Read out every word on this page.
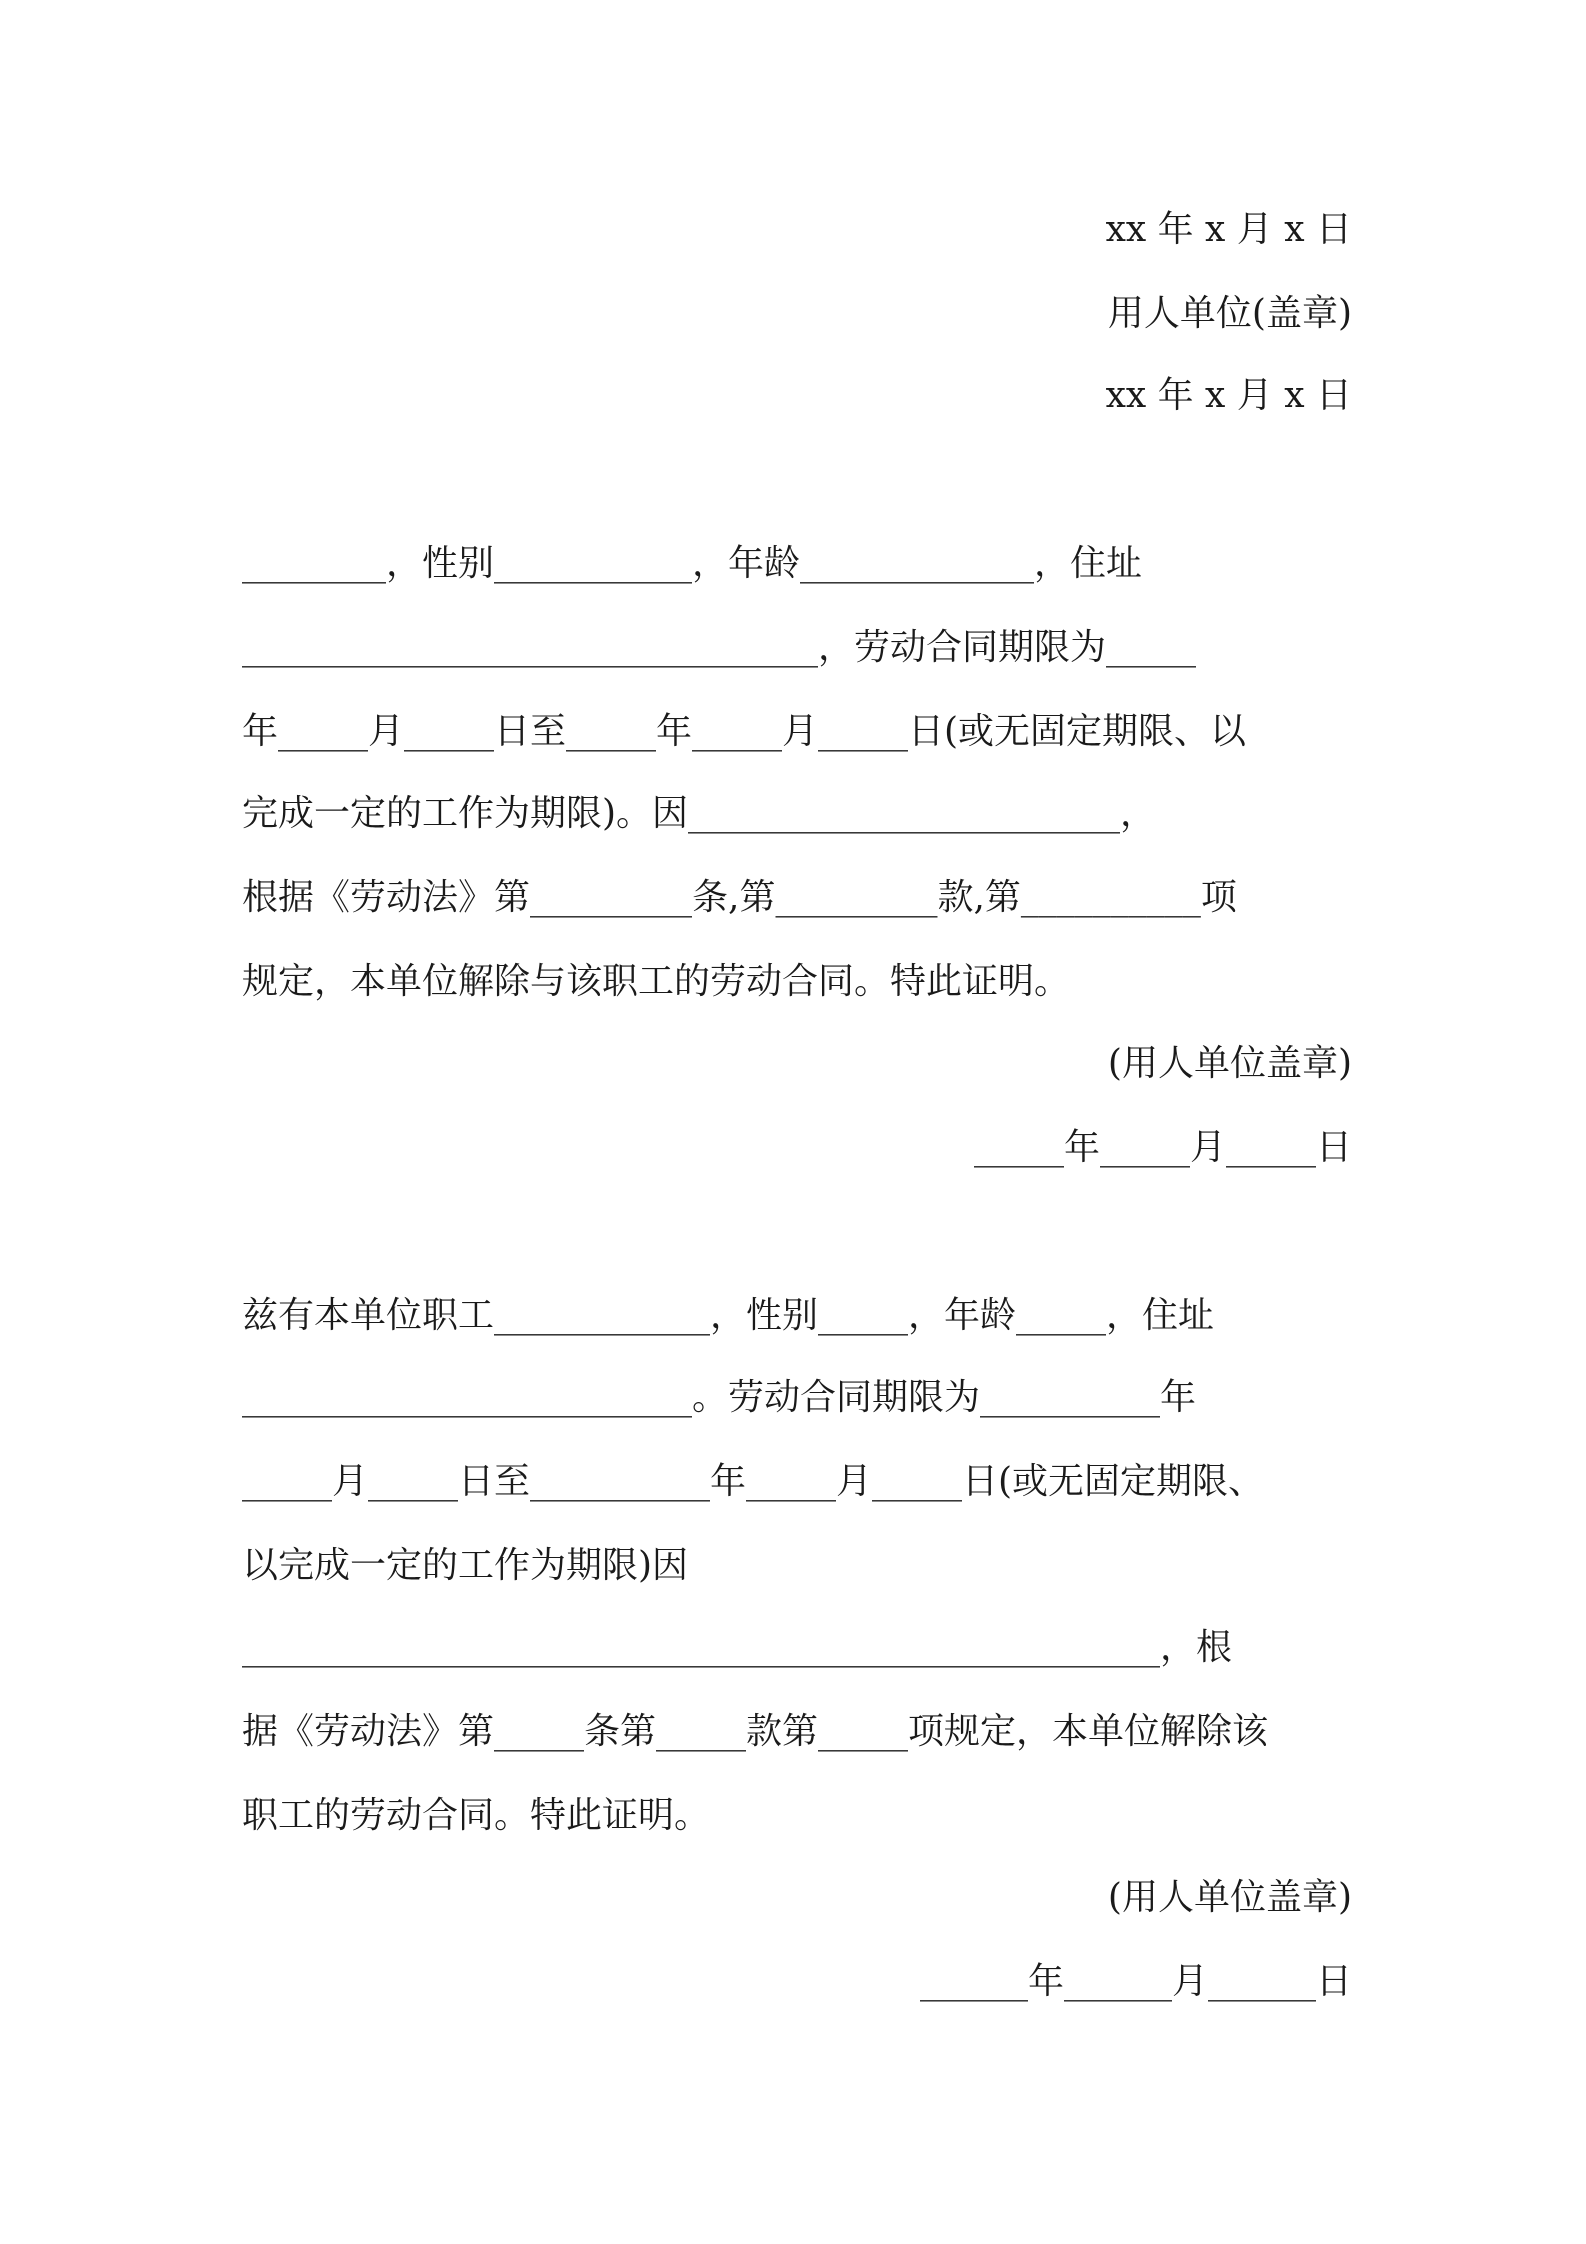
xx 年 x 月 x 日

用人单位(盖章)

xx 年 x 月 x 日

________，性别___________，年龄_____________，住址

________________________________，劳动合同期限为_____

年_____月_____日至_____年_____月_____日(或无固定期限、以

完成一定的工作为期限)。因________________________，

根据《劳动法》第_________条,第_________款,第__________项

规定，本单位解除与该职工的劳动合同。特此证明。

(用人单位盖章)

_____年_____月_____日

兹有本单位职工____________，性别_____，年龄_____，住址

_________________________。劳动合同期限为__________年

_____月_____日至__________年_____月_____日(或无固定期限、

以完成一定的工作为期限)因

___________________________________________________，根

据《劳动法》第_____条第_____款第_____项规定，本单位解除该

职工的劳动合同。特此证明。

(用人单位盖章)

______年______月______日
